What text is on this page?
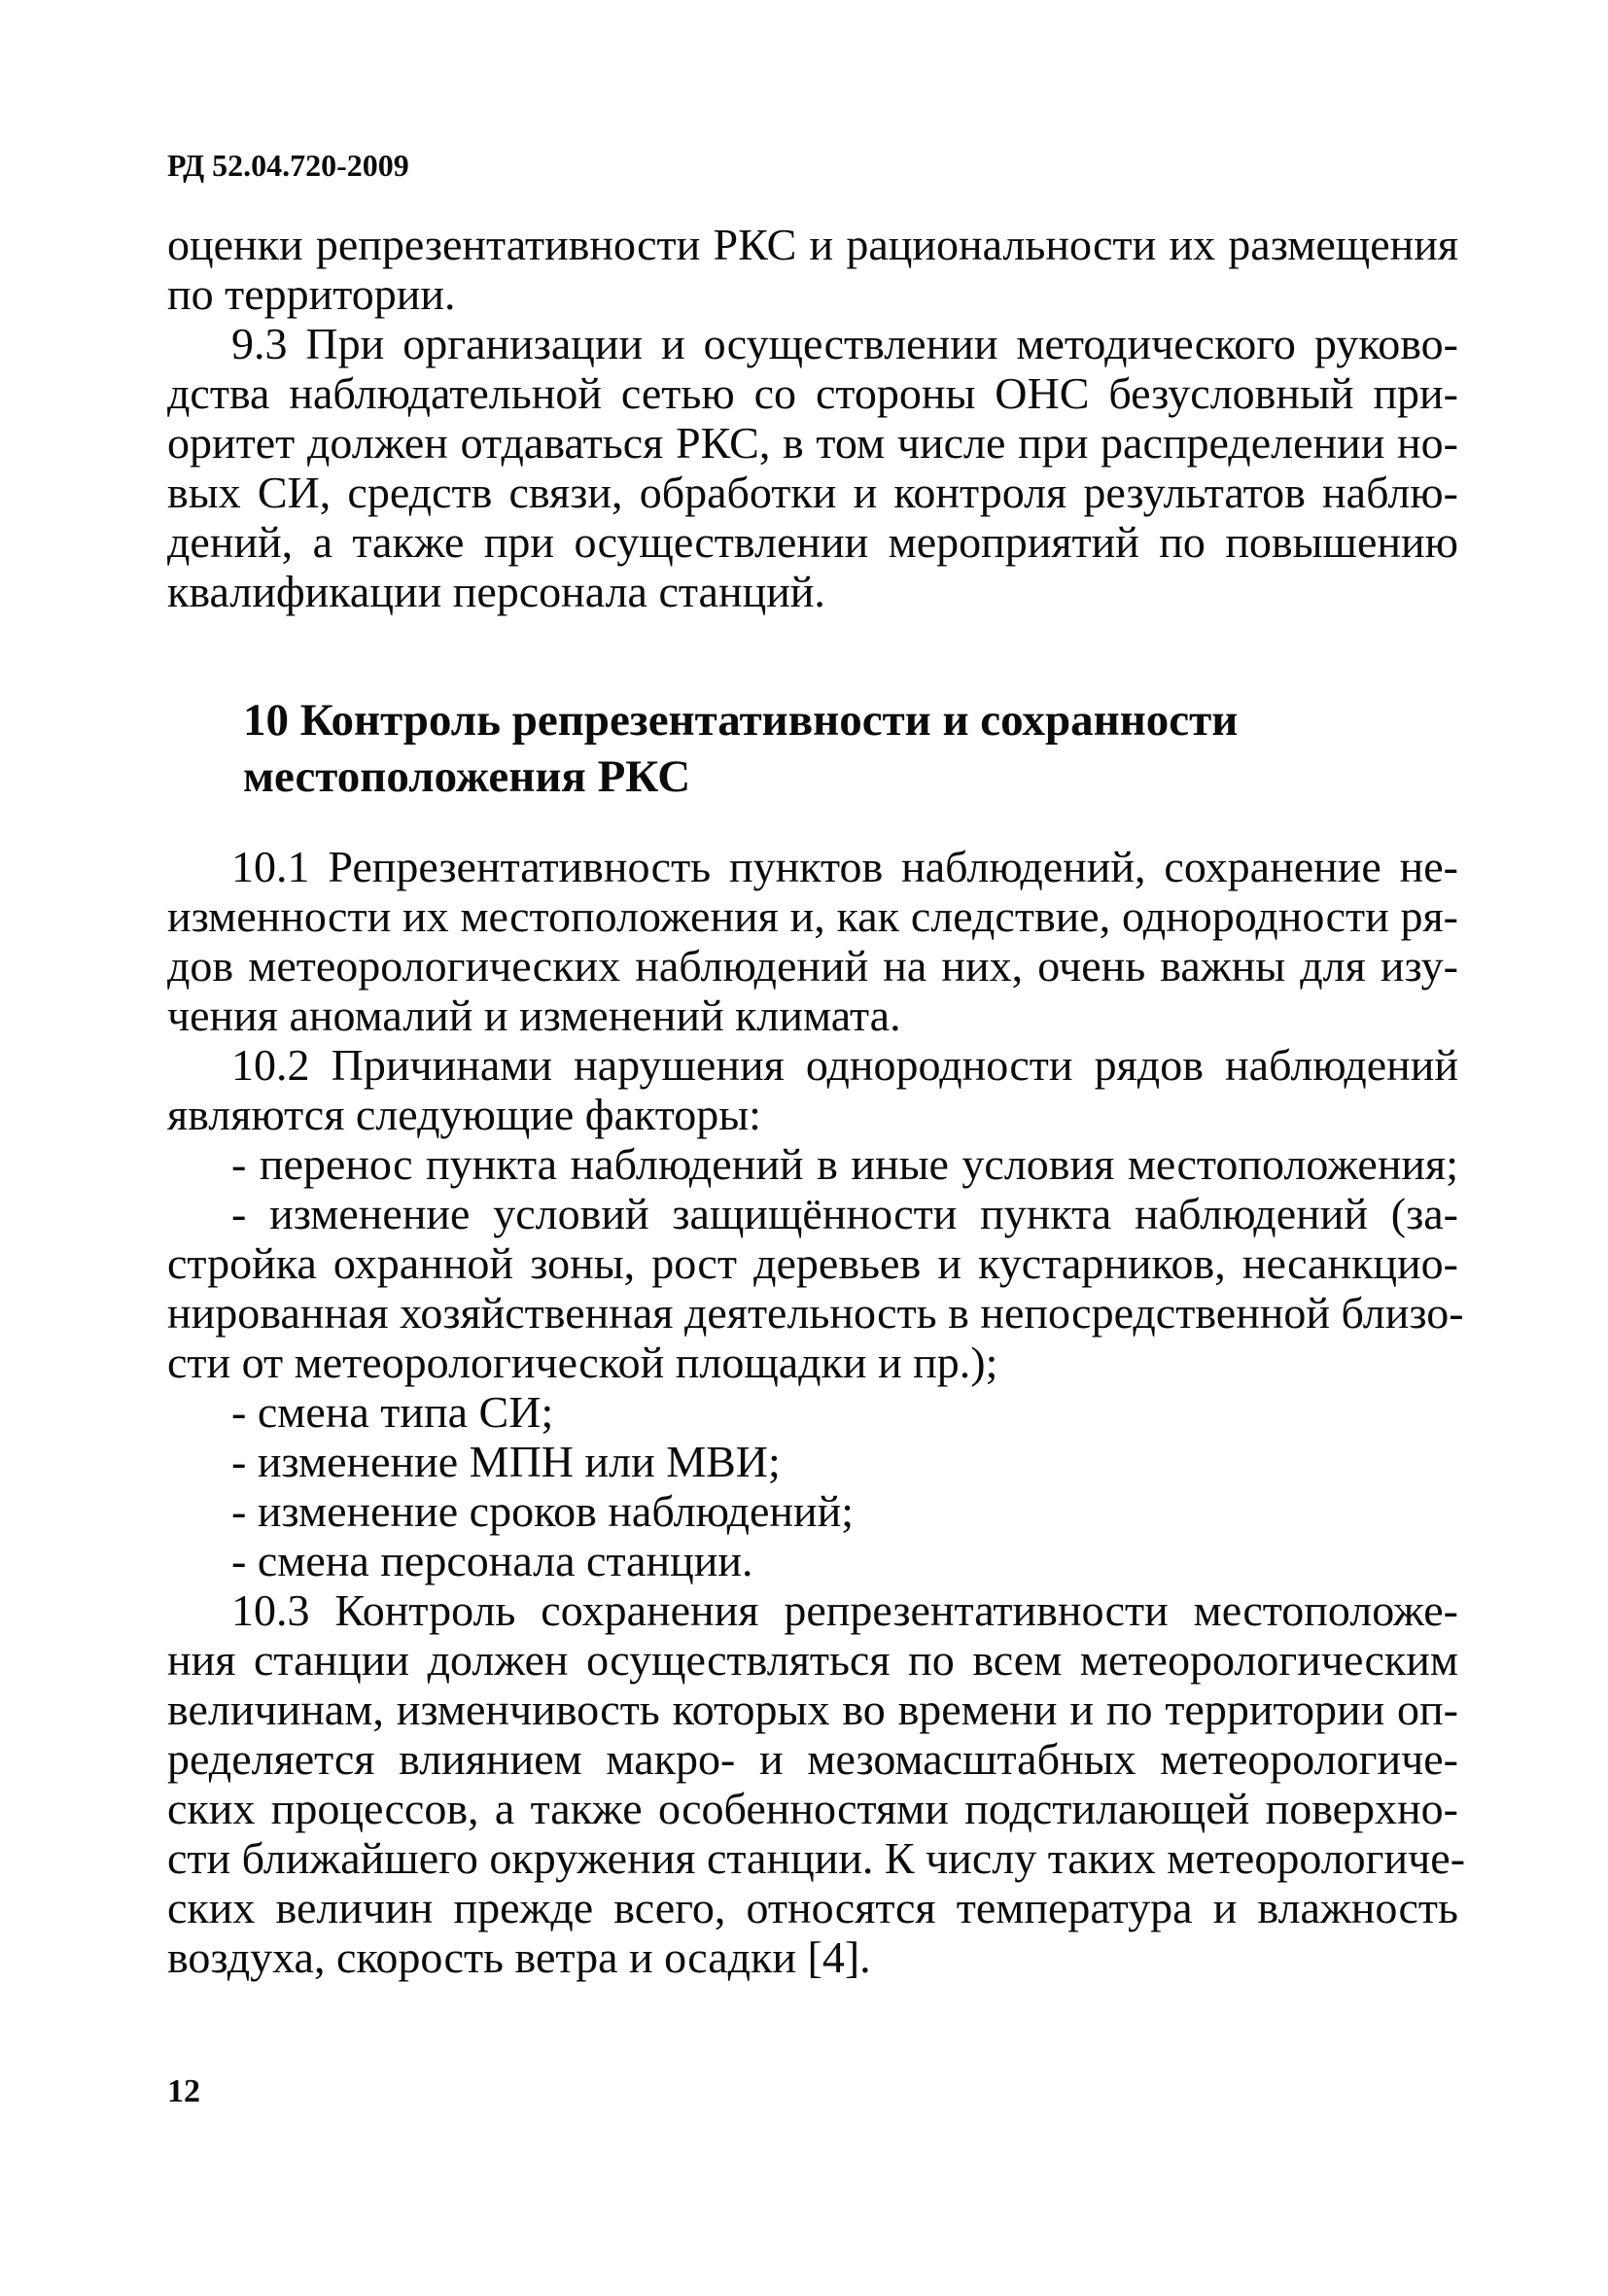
РД 52.04.720-2009
оценки репрезентативности РКС и рациональности их размещения
по территории.
9.3 При организации и осуществлении методического руково-
дства наблюдательной сетью со стороны ОНС безусловный при-
оритет должен отдаваться РКС, в том числе при распределении но-
вых СИ, средств связи, обработки и контроля результатов наблю-
дений, а также при осуществлении мероприятий по повышению
квалификации персонала станций.
10 Контроль репрезентативности и сохранности
местоположения РКС
10.1 Репрезентативность пунктов наблюдений, сохранение не-
изменности их местоположения и, как следствие, однородности ря-
дов метеорологических наблюдений на них, очень важны для изу-
чения аномалий и изменений климата.
10.2 Причинами нарушения однородности рядов наблюдений
являются следующие факторы:
- перенос пункта наблюдений в иные условия местоположения;
- изменение условий защищённости пункта наблюдений (за-
стройка охранной зоны, рост деревьев и кустарников, несанкцио-
нированная хозяйственная деятельность в непосредственной близо-
сти от метеорологической площадки и пр.);
- смена типа СИ;
- изменение МПН или МВИ;
- изменение сроков наблюдений;
- смена персонала станции.
10.3 Контроль сохранения репрезентативности местоположе-
ния станции должен осуществляться по всем метеорологическим
величинам, изменчивость которых во времени и по территории оп-
ределяется влиянием макро- и мезомасштабных метеорологиче-
ских процессов, а также особенностями подстилающей поверхно-
сти ближайшего окружения станции. К числу таких метеорологиче-
ских величин прежде всего, относятся температура и влажность
воздуха, скорость ветра и осадки [4].
12
